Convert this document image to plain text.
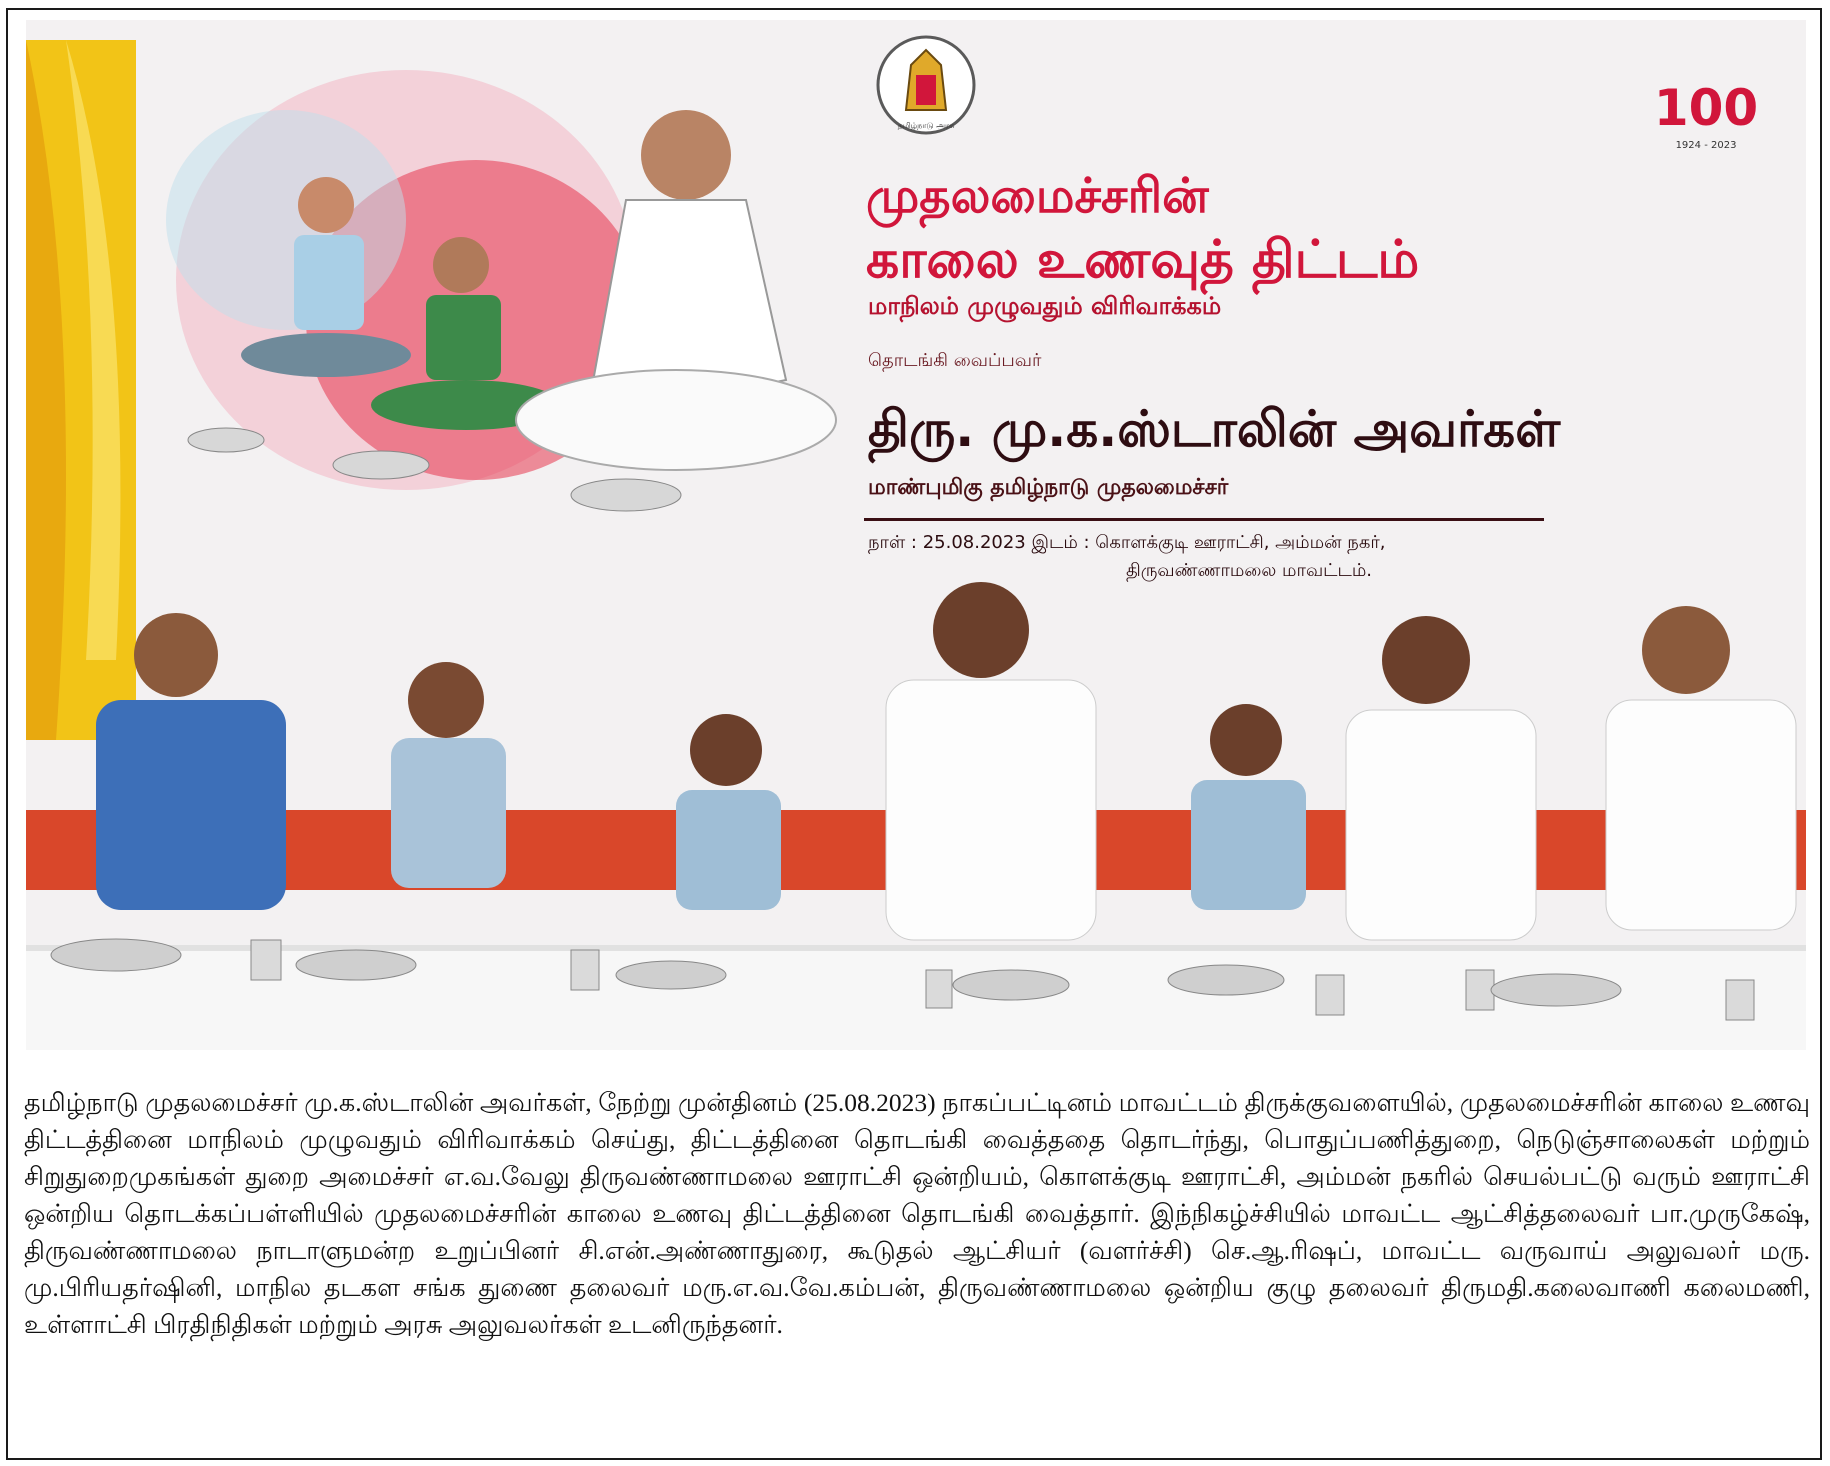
தமிழ்நாடு அரசு	100
1924 - 2023
முதலமைச்சரின்
காலை உணவுத் திட்டம்
மாநிலம் முழுவதும் விரிவாக்கம்
தொடங்கி வைப்பவர்
திரு. மு.க.ஸ்டாலின் அவர்கள்
மாண்புமிகு தமிழ்நாடு முதலமைச்சர்
நாள் : 25.08.2023 இடம் : கொளக்குடி ஊராட்சி, அம்மன் நகர்,
திருவண்ணாமலை மாவட்டம்.

தமிழ்நாடு முதலமைச்சர் மு.க.ஸ்டாலின் அவர்கள், நேற்று முன்தினம் (25.08.2023) நாகப்பட்டினம் மாவட்டம் திருக்குவளையில், முதலமைச்சரின் காலை உணவு திட்டத்தினை மாநிலம் முழுவதும் விரிவாக்கம் செய்து, திட்டத்தினை தொடங்கி வைத்ததை தொடர்ந்து, பொதுப்பணித்துறை, நெடுஞ்சாலைகள் மற்றும் சிறுதுறைமுகங்கள் துறை அமைச்சர் எ.வ.வேலு திருவண்ணாமலை ஊராட்சி ஒன்றியம், கொளக்குடி ஊராட்சி, அம்மன் நகரில் செயல்பட்டு வரும் ஊராட்சி ஒன்றிய தொடக்கப்பள்ளியில் முதலமைச்சரின் காலை உணவு திட்டத்தினை தொடங்கி வைத்தார். இந்நிகழ்ச்சியில் மாவட்ட ஆட்சித்தலைவர் பா.முருகேஷ், திருவண்ணாமலை நாடாளுமன்ற உறுப்பினர் சி.என்.அண்ணாதுரை, கூடுதல் ஆட்சியர் (வளர்ச்சி) செ.ஆ.ரிஷப், மாவட்ட வருவாய் அலுவலர் மரு. மு.பிரியதர்ஷினி, மாநில தடகள சங்க துணை தலைவர் மரு.எ.வ.வே.கம்பன், திருவண்ணாமலை ஒன்றிய குழு தலைவர் திருமதி.கலைவாணி கலைமணி, உள்ளாட்சி பிரதிநிதிகள் மற்றும் அரசு அலுவலர்கள் உடனிருந்தனர்.
